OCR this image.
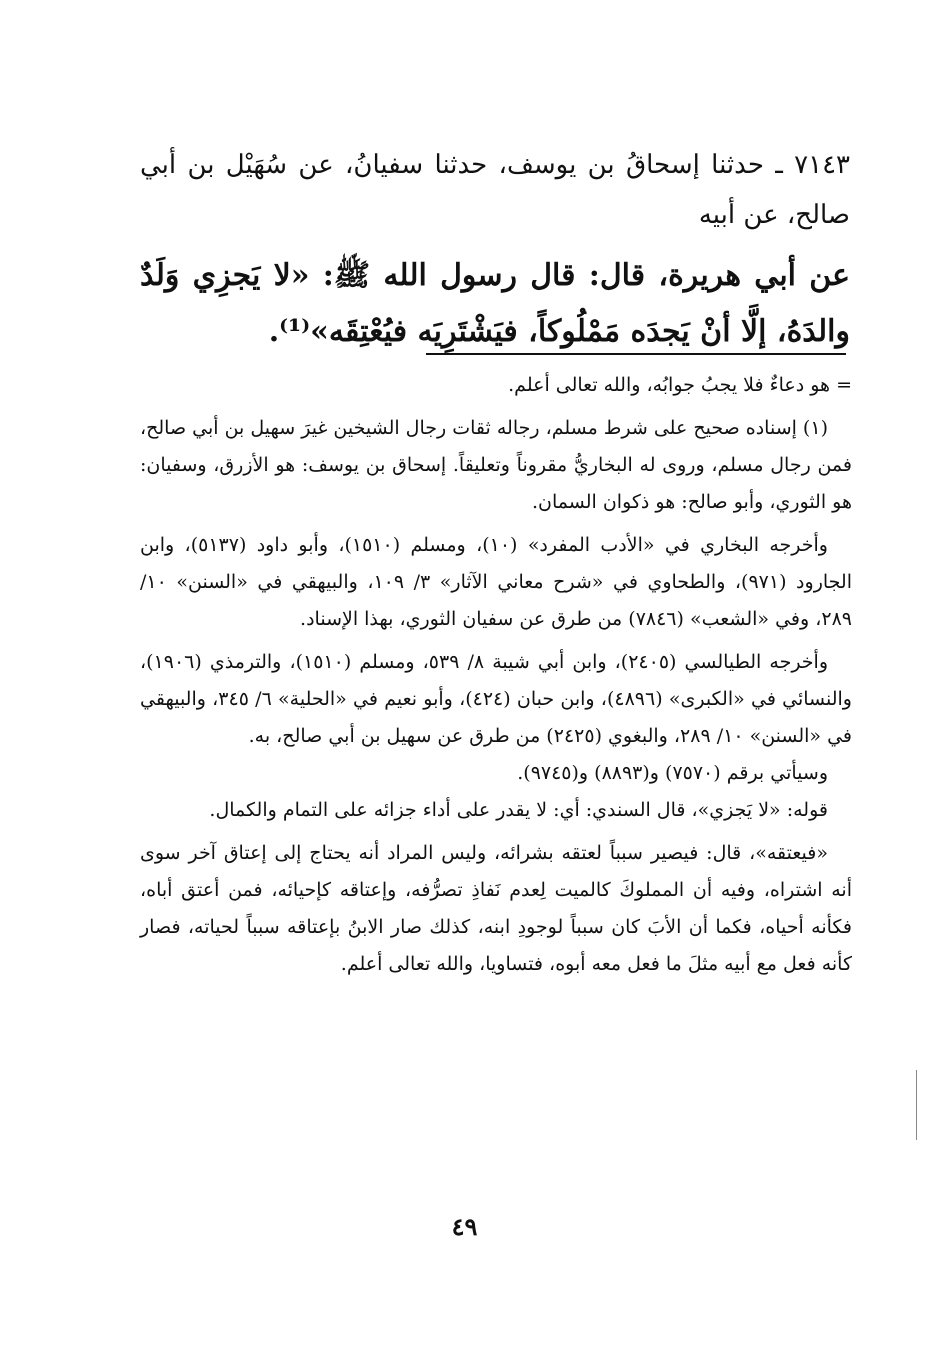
٧١٤٣ ـ حدثنا إسحاقُ بن يوسف، حدثنا سفيانُ، عن سُهَيْل بن أبي صالح، عن أبيه

عن أبي هريرة، قال: قال رسول الله ﷺ: «لا يَجزِي وَلَدٌ والدَهُ، إلَّا أنْ يَجدَه مَمْلُوكاً، فيَشْتَرِيَه فيُعْتِقَه»⁽¹⁾.

= هو دعاءٌ فلا يجبُ جوابُه، والله تعالى أعلم.

(١) إسناده صحيح على شرط مسلم، رجاله ثقات رجال الشيخين غيرَ سهيل بن أبي صالح، فمن رجال مسلم، وروى له البخاريُّ مقروناً وتعليقاً. إسحاق بن يوسف: هو الأزرق، وسفيان: هو الثوري، وأبو صالح: هو ذكوان السمان.

وأخرجه البخاري في «الأدب المفرد» (١٠)، ومسلم (١٥١٠)، وأبو داود (٥١٣٧)، وابن الجارود (٩٧١)، والطحاوي في «شرح معاني الآثار» ٣/ ١٠٩، والبيهقي في «السنن» ١٠/ ٢٨٩، وفي «الشعب» (٧٨٤٦) من طرق عن سفيان الثوري، بهذا الإسناد.

وأخرجه الطيالسي (٢٤٠٥)، وابن أبي شيبة ٨/ ٥٣٩، ومسلم (١٥١٠)، والترمذي (١٩٠٦)، والنسائي في «الكبرى» (٤٨٩٦)، وابن حبان (٤٢٤)، وأبو نعيم في «الحلية» ٦/ ٣٤٥، والبيهقي في «السنن» ١٠/ ٢٨٩، والبغوي (٢٤٢٥) من طرق عن سهيل بن أبي صالح، به.

وسيأتي برقم (٧٥٧٠) و(٨٨٩٣) و(٩٧٤٥).

قوله: «لا يَجزي»، قال السندي: أي: لا يقدر على أداء جزائه على التمام والكمال.

«فيعتقه»، قال: فيصير سبباً لعتقه بشرائه، وليس المراد أنه يحتاج إلى إعتاق آخر سوى أنه اشتراه، وفيه أن المملوكَ كالميت لِعدم نَفاذِ تصرُّفه، وإعتاقه كإحيائه، فمن أعتق أباه، فكأنه أحياه، فكما أن الأبَ كان سبباً لوجودِ ابنه، كذلك صار الابنُ بإعتاقه سبباً لحياته، فصار كأنه فعل مع أبيه مثلَ ما فعل معه أبوه، فتساويا، والله تعالى أعلم.

٤٩
